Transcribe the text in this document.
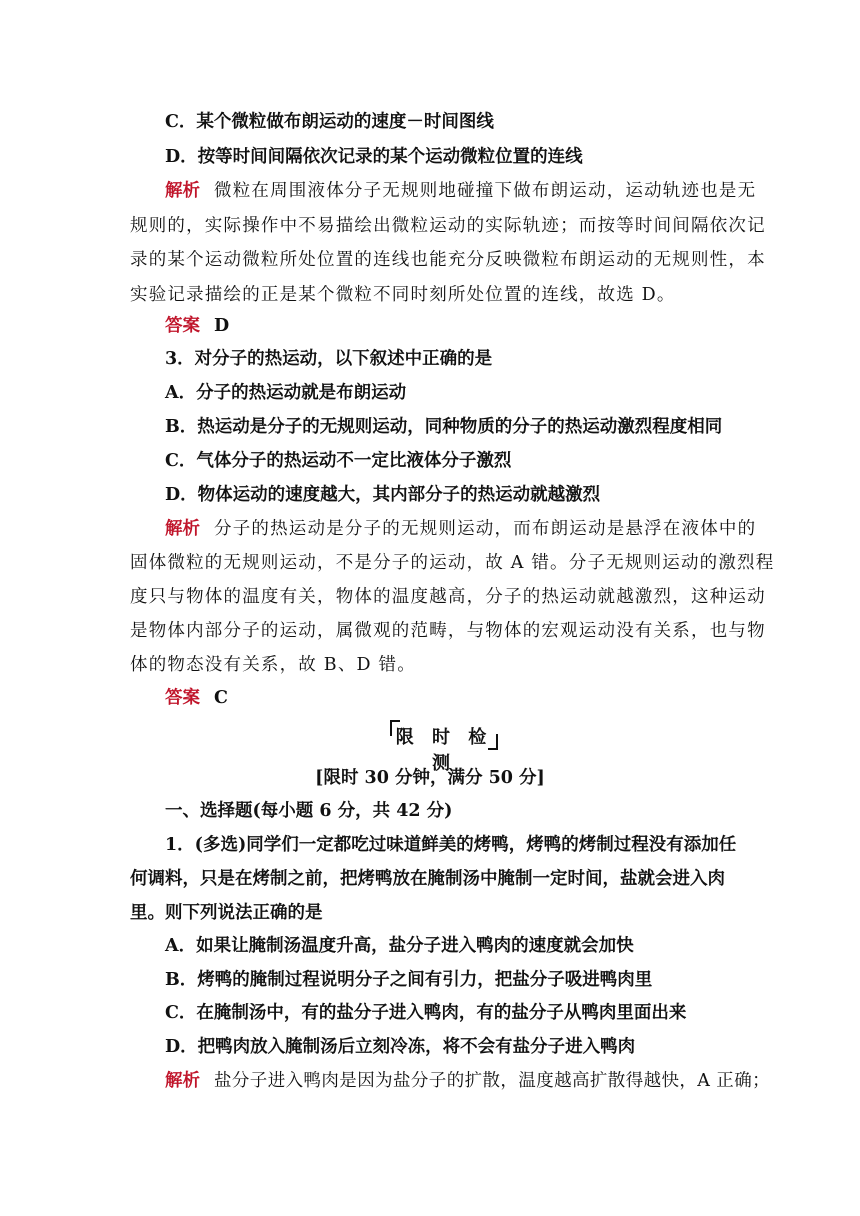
C．某个微粒做布朗运动的速度－时间图线
D．按等时间间隔依次记录的某个运动微粒位置的连线
解析 微粒在周围液体分子无规则地碰撞下做布朗运动，运动轨迹也是无
规则的，实际操作中不易描绘出微粒运动的实际轨迹；而按等时间间隔依次记
录的某个运动微粒所处位置的连线也能充分反映微粒布朗运动的无规则性，本
实验记录描绘的正是某个微粒不同时刻所处位置的连线，故选 D。
答案 D
3．对分子的热运动，以下叙述中正确的是
A．分子的热运动就是布朗运动
B．热运动是分子的无规则运动，同种物质的分子的热运动激烈程度相同
C．气体分子的热运动不一定比液体分子激烈
D．物体运动的速度越大，其内部分子的热运动就越激烈
解析 分子的热运动是分子的无规则运动，而布朗运动是悬浮在液体中的
固体微粒的无规则运动，不是分子的运动，故 A 错。分子无规则运动的激烈程
度只与物体的温度有关，物体的温度越高，分子的热运动就越激烈，这种运动
是物体内部分子的运动，属微观的范畴，与物体的宏观运动没有关系，也与物
体的物态没有关系，故 B、D 错。
答案 C
限 时 检 测
[限时 30 分钟，满分 50 分]
一、选择题(每小题 6 分，共 42 分)
1．(多选)同学们一定都吃过味道鲜美的烤鸭，烤鸭的烤制过程没有添加任
何调料，只是在烤制之前，把烤鸭放在腌制汤中腌制一定时间，盐就会进入肉
里。则下列说法正确的是
A．如果让腌制汤温度升高，盐分子进入鸭肉的速度就会加快
B．烤鸭的腌制过程说明分子之间有引力，把盐分子吸进鸭肉里
C．在腌制汤中，有的盐分子进入鸭肉，有的盐分子从鸭肉里面出来
D．把鸭肉放入腌制汤后立刻冷冻，将不会有盐分子进入鸭肉
解析 盐分子进入鸭肉是因为盐分子的扩散，温度越高扩散得越快，A 正确；
